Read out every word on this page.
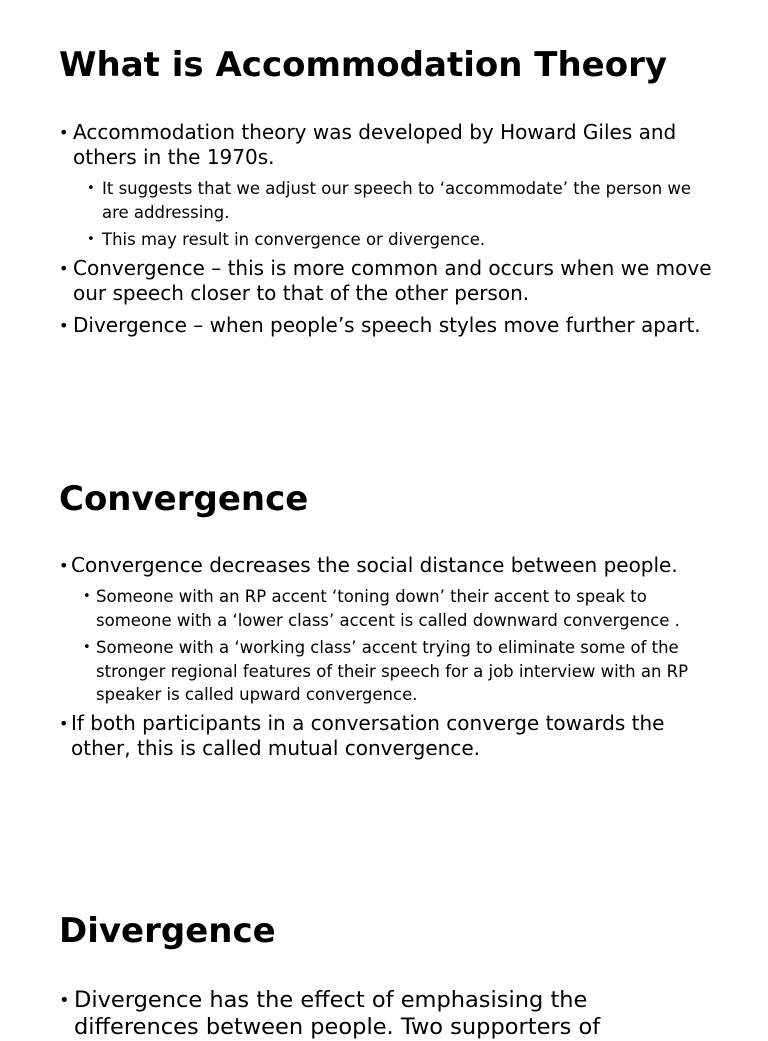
What is Accommodation Theory
• Accommodation theory was developed by Howard Giles and others in the 1970s.
• It suggests that we adjust our speech to ‘accommodate’ the person we are addressing.
• This may result in convergence or divergence.
• Convergence – this is more common and occurs when we move our speech closer to that of the other person.
• Divergence – when people’s speech styles move further apart.
Convergence
• Convergence decreases the social distance between people.
• Someone with an RP accent ‘toning down’ their accent to speak to someone with a ‘lower class’ accent is called downward convergence .
• Someone with a ‘working class’ accent trying to eliminate some of the stronger regional features of their speech for a job interview with an RP speaker is called upward convergence.
• If both participants in a conversation converge towards the other, this is called mutual convergence.
Divergence
• Divergence has the effect of emphasising the differences between people. Two supporters of
